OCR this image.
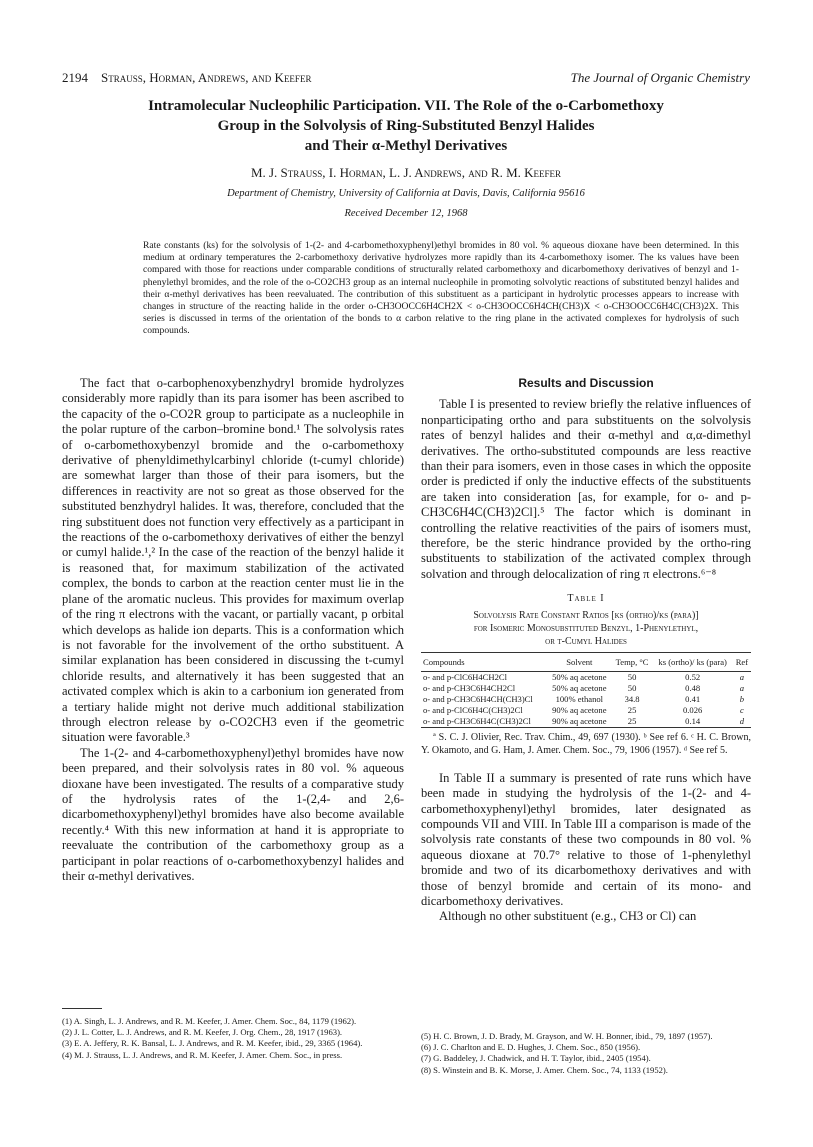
2194 Strauss, Horman, Andrews, and Keefer	The Journal of Organic Chemistry
Intramolecular Nucleophilic Participation. VII. The Role of the o-Carbomethoxy
Group in the Solvolysis of Ring-Substituted Benzyl Halides
and Their α-Methyl Derivatives
M. J. Strauss, I. Horman, L. J. Andrews, and R. M. Keefer
Department of Chemistry, University of California at Davis, Davis, California 95616
Received December 12, 1968
Rate constants (ks) for the solvolysis of 1-(2- and 4-carbomethoxyphenyl)ethyl bromides in 80 vol. % aqueous dioxane have been determined. In this medium at ordinary temperatures the 2-carbomethoxy derivative hydrolyzes more rapidly than its 4-carbomethoxy isomer. The ks values have been compared with those for reactions under comparable conditions of structurally related carbomethoxy and dicarbomethoxy derivatives of benzyl and 1-phenylethyl bromides, and the role of the o-CO2CH3 group as an internal nucleophile in promoting solvolytic reactions of substituted benzyl halides and their α-methyl derivatives has been reevaluated. The contribution of this substituent as a participant in hydrolytic processes appears to increase with changes in structure of the reacting halide in the order o-CH3OOCC6H4CH2X < o-CH3OOCC6H4CH(CH3)X < o-CH3OOCC6H4C(CH3)2X. This series is discussed in terms of the orientation of the bonds to α carbon relative to the ring plane in the activated complexes for hydrolysis of such compounds.

The fact that o-carbophenoxybenzhydryl bromide hydrolyzes considerably more rapidly than its para isomer has been ascribed to the capacity of the o-CO2R group to participate as a nucleophile in the polar rupture of the carbon–bromine bond.¹ The solvolysis rates of o-carbomethoxybenzyl bromide and the o-carbomethoxy derivative of phenyldimethylcarbinyl chloride (t-cumyl chloride) are somewhat larger than those of their para isomers, but the differences in reactivity are not so great as those observed for the substituted benzhydryl halides. It was, therefore, concluded that the ring substituent does not function very effectively as a participant in the reactions of the o-carbomethoxy derivatives of either the benzyl or cumyl halide.¹,² In the case of the reaction of the benzyl halide it is reasoned that, for maximum stabilization of the activated complex, the bonds to carbon at the reaction center must lie in the plane of the aromatic nucleus. This provides for maximum overlap of the ring π electrons with the vacant, or partially vacant, p orbital which develops as halide ion departs. This is a conformation which is not favorable for the involvement of the ortho substituent. A similar explanation has been considered in discussing the t-cumyl chloride results, and alternatively it has been suggested that an activated complex which is akin to a carbonium ion generated from a tertiary halide might not derive much additional stabilization through electron release by o-CO2CH3 even if the geometric situation were favorable.³

The 1-(2- and 4-carbomethoxyphenyl)ethyl bromides have now been prepared, and their solvolysis rates in 80 vol. % aqueous dioxane have been investigated. The results of a comparative study of the hydrolysis rates of the 1-(2,4- and 2,6-dicarbomethoxyphenyl)ethyl bromides have also become available recently.⁴ With this new information at hand it is appropriate to reevaluate the contribution of the carbomethoxy group as a participant in polar reactions of o-carbomethoxybenzyl halides and their α-methyl derivatives.

Results and Discussion

Table I is presented to review briefly the relative influences of nonparticipating ortho and para substituents on the solvolysis rates of benzyl halides and their α-methyl and α,α-dimethyl derivatives. The ortho-substituted compounds are less reactive than their para isomers, even in those cases in which the opposite order is predicted if only the inductive effects of the substituents are taken into consideration [as, for example, for o- and p-CH3C6H4C(CH3)2Cl].⁵ The factor which is dominant in controlling the relative reactivities of the pairs of isomers must, therefore, be the steric hindrance provided by the ortho-ring substituents to stabilization of the activated complex through solvation and through delocalization of ring π electrons.⁶⁻⁸

Table I
Solvolysis Rate Constant Ratios [ks (ortho)/ks (para)]
for Isomeric Monosubstituted Benzyl, 1-Phenylethyl,
or t-Cumyl Halides

Compounds	Solvent	Temp, °C	ks (ortho)/ ks (para)	Ref
o- and p-ClC6H4CH2Cl	50% aq acetone	50	0.52	a
o- and p-CH3C6H4CH2Cl	50% aq acetone	50	0.48	a
o- and p-CH3C6H4CH(CH3)Cl	100% ethanol	34.8	0.41	b
o- and p-ClC6H4C(CH3)2Cl	90% aq acetone	25	0.026	c
o- and p-CH3C6H4C(CH3)2Cl	90% aq acetone	25	0.14	d
ª S. C. J. Olivier, Rec. Trav. Chim., 49, 697 (1930). ᵇ See ref 6. ᶜ H. C. Brown, Y. Okamoto, and G. Ham, J. Amer. Chem. Soc., 79, 1906 (1957). ᵈ See ref 5.

In Table II a summary is presented of rate runs which have been made in studying the hydrolysis of the 1-(2- and 4-carbomethoxyphenyl)ethyl bromides, later designated as compounds VII and VIII. In Table III a comparison is made of the solvolysis rate constants of these two compounds in 80 vol. % aqueous dioxane at 70.7° relative to those of 1-phenylethyl bromide and two of its dicarbomethoxy derivatives and with those of benzyl bromide and certain of its mono- and dicarbomethoxy derivatives.

Although no other substituent (e.g., CH3 or Cl) can

(1) A. Singh, L. J. Andrews, and R. M. Keefer, J. Amer. Chem. Soc., 84, 1179 (1962).
(2) J. L. Cotter, L. J. Andrews, and R. M. Keefer, J. Org. Chem., 28, 1917 (1963).
(3) E. A. Jeffery, R. K. Bansal, L. J. Andrews, and R. M. Keefer, ibid., 29, 3365 (1964).
(4) M. J. Strauss, L. J. Andrews, and R. M. Keefer, J. Amer. Chem. Soc., in press.
(5) H. C. Brown, J. D. Brady, M. Grayson, and W. H. Bonner, ibid., 79, 1897 (1957).
(6) J. C. Charlton and E. D. Hughes, J. Chem. Soc., 850 (1956).
(7) G. Baddeley, J. Chadwick, and H. T. Taylor, ibid., 2405 (1954).
(8) S. Winstein and B. K. Morse, J. Amer. Chem. Soc., 74, 1133 (1952).
